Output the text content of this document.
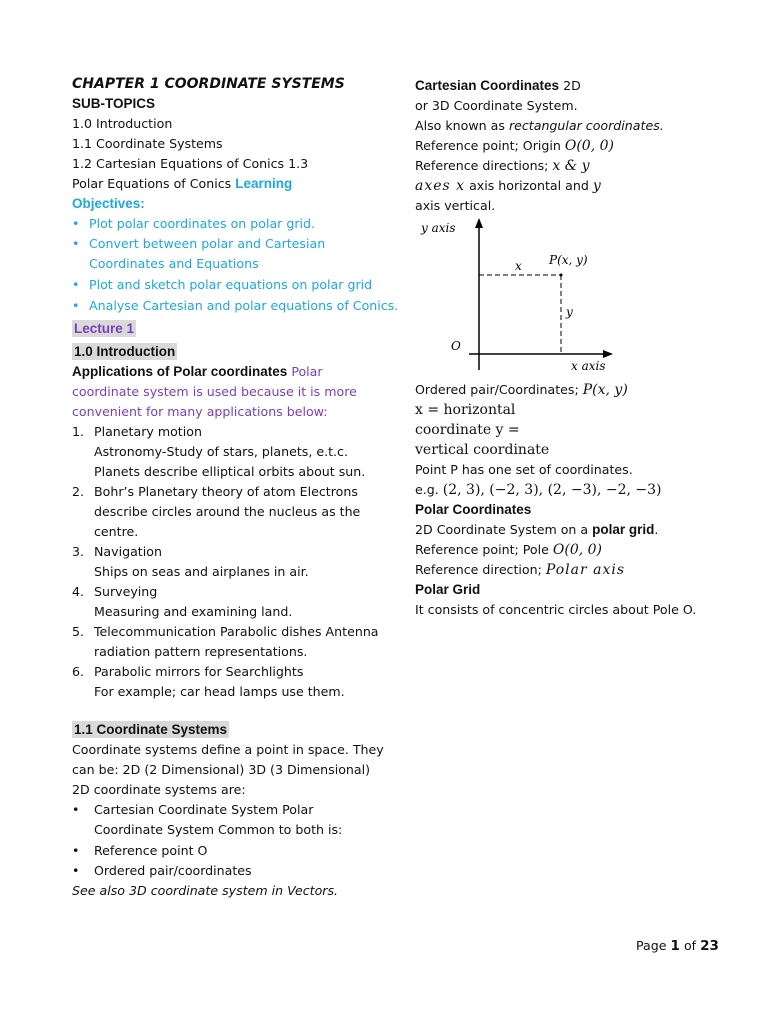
CHAPTER 1 COORDINATE SYSTEMS
SUB-TOPICS
1.0 Introduction
1.1 Coordinate Systems
1.2 Cartesian Equations of Conics 1.3
Polar Equations of Conics Learning
Objectives:
• Plot polar coordinates on polar grid.
• Convert between polar and Cartesian
Coordinates and Equations
• Plot and sketch polar equations on polar grid
• Analyse Cartesian and polar equations of Conics.
Lecture 1
1.0 Introduction
Applications of Polar coordinates Polar
coordinate system is used because it is more
convenient for many applications below:
1. Planetary motion
Astronomy-Study of stars, planets, e.t.c.
Planets describe elliptical orbits about sun.
2. Bohr’s Planetary theory of atom Electrons
describe circles around the nucleus as the
centre.
3. Navigation
Ships on seas and airplanes in air.
4. Surveying
Measuring and examining land.
5. Telecommunication Parabolic dishes Antenna
radiation pattern representations.
6. Parabolic mirrors for Searchlights
For example; car head lamps use them.
1.1 Coordinate Systems
Coordinate systems define a point in space. They
can be: 2D (2 Dimensional) 3D (3 Dimensional)
2D coordinate systems are:
• Cartesian Coordinate System Polar
Coordinate System Common to both is:
• Reference point O
• Ordered pair/coordinates
See also 3D coordinate system in Vectors.
Cartesian Coordinates 2D
or 3D Coordinate System.
Also known as rectangular coordinates.
Reference point; Origin O(0, 0)
Reference directions; x & y
axes x axis horizontal and y
axis vertical.
y axis
x axis
O
P(x, y)
x
y
Ordered pair/Coordinates; P(x, y)
x = horizontal
coordinate y =
vertical coordinate
Point P has one set of coordinates.
e.g. (2, 3), (−2, 3), (2, −3), −2, −3)
Polar Coordinates
2D Coordinate System on a polar grid.
Reference point; Pole O(0, 0)
Reference direction; Polar axis
Polar Grid
It consists of concentric circles about Pole O.
Page 1 of 23
